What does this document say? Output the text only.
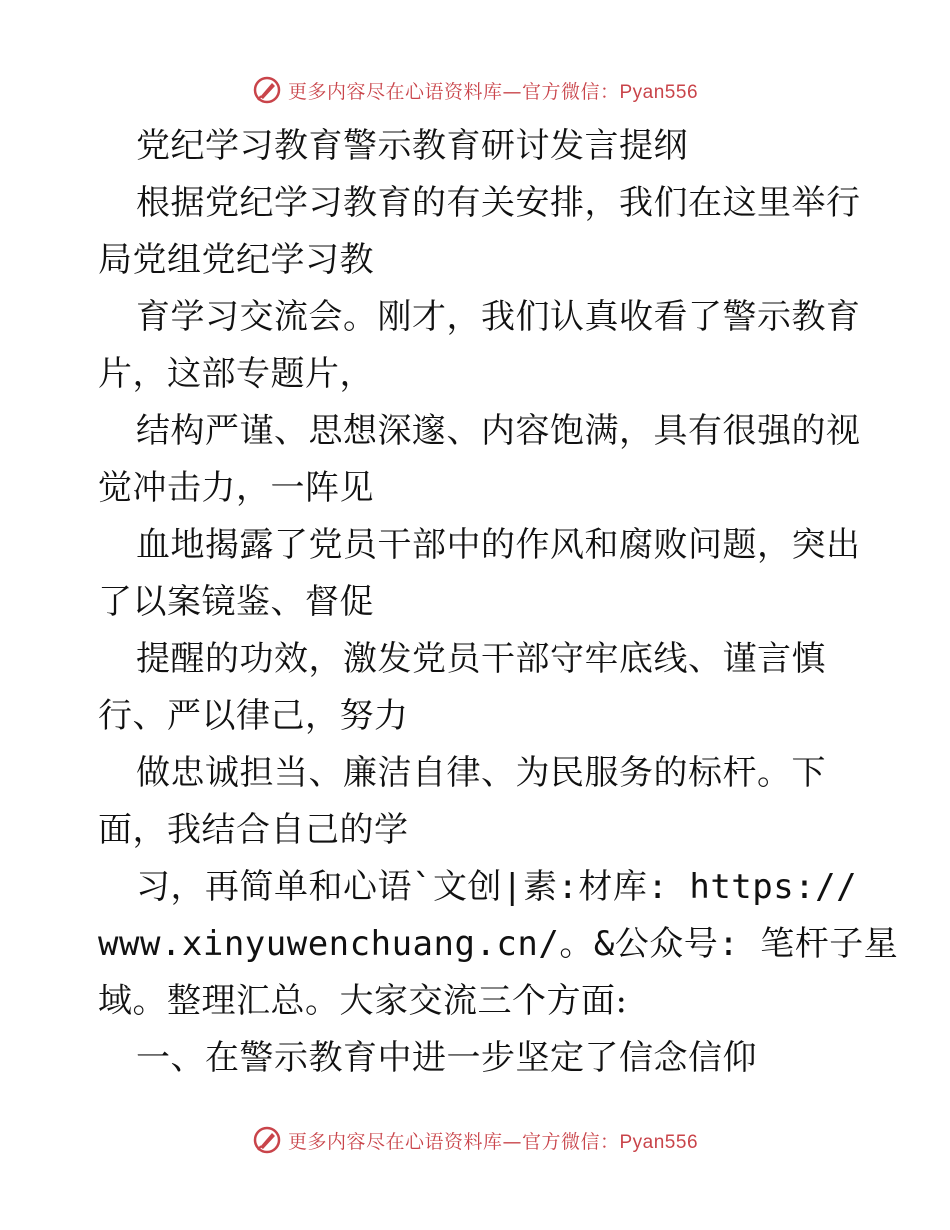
更多内容尽在心语资料库—官方微信：Pyan556
党纪学习教育警示教育研讨发言提纲
根据党纪学习教育的有关安排，我们在这里举行
局党组党纪学习教
育学习交流会。刚才，我们认真收看了警示教育
片，这部专题片，
结构严谨、思想深邃、内容饱满，具有很强的视
觉冲击力，一阵见
血地揭露了党员干部中的作风和腐败问题，突出
了以案镜鉴、督促
提醒的功效，激发党员干部守牢底线、谨言慎
行、严以律己，努力
做忠诚担当、廉洁自律、为民服务的标杆。下
面，我结合自己的学
习，再简单和心语`文创|素:材库: https://
www.xinyuwenchuang.cn/。&公众号: 笔杆子星
域。整理汇总。大家交流三个方面:
一、在警示教育中进一步坚定了信念信仰
更多内容尽在心语资料库—官方微信：Pyan556
